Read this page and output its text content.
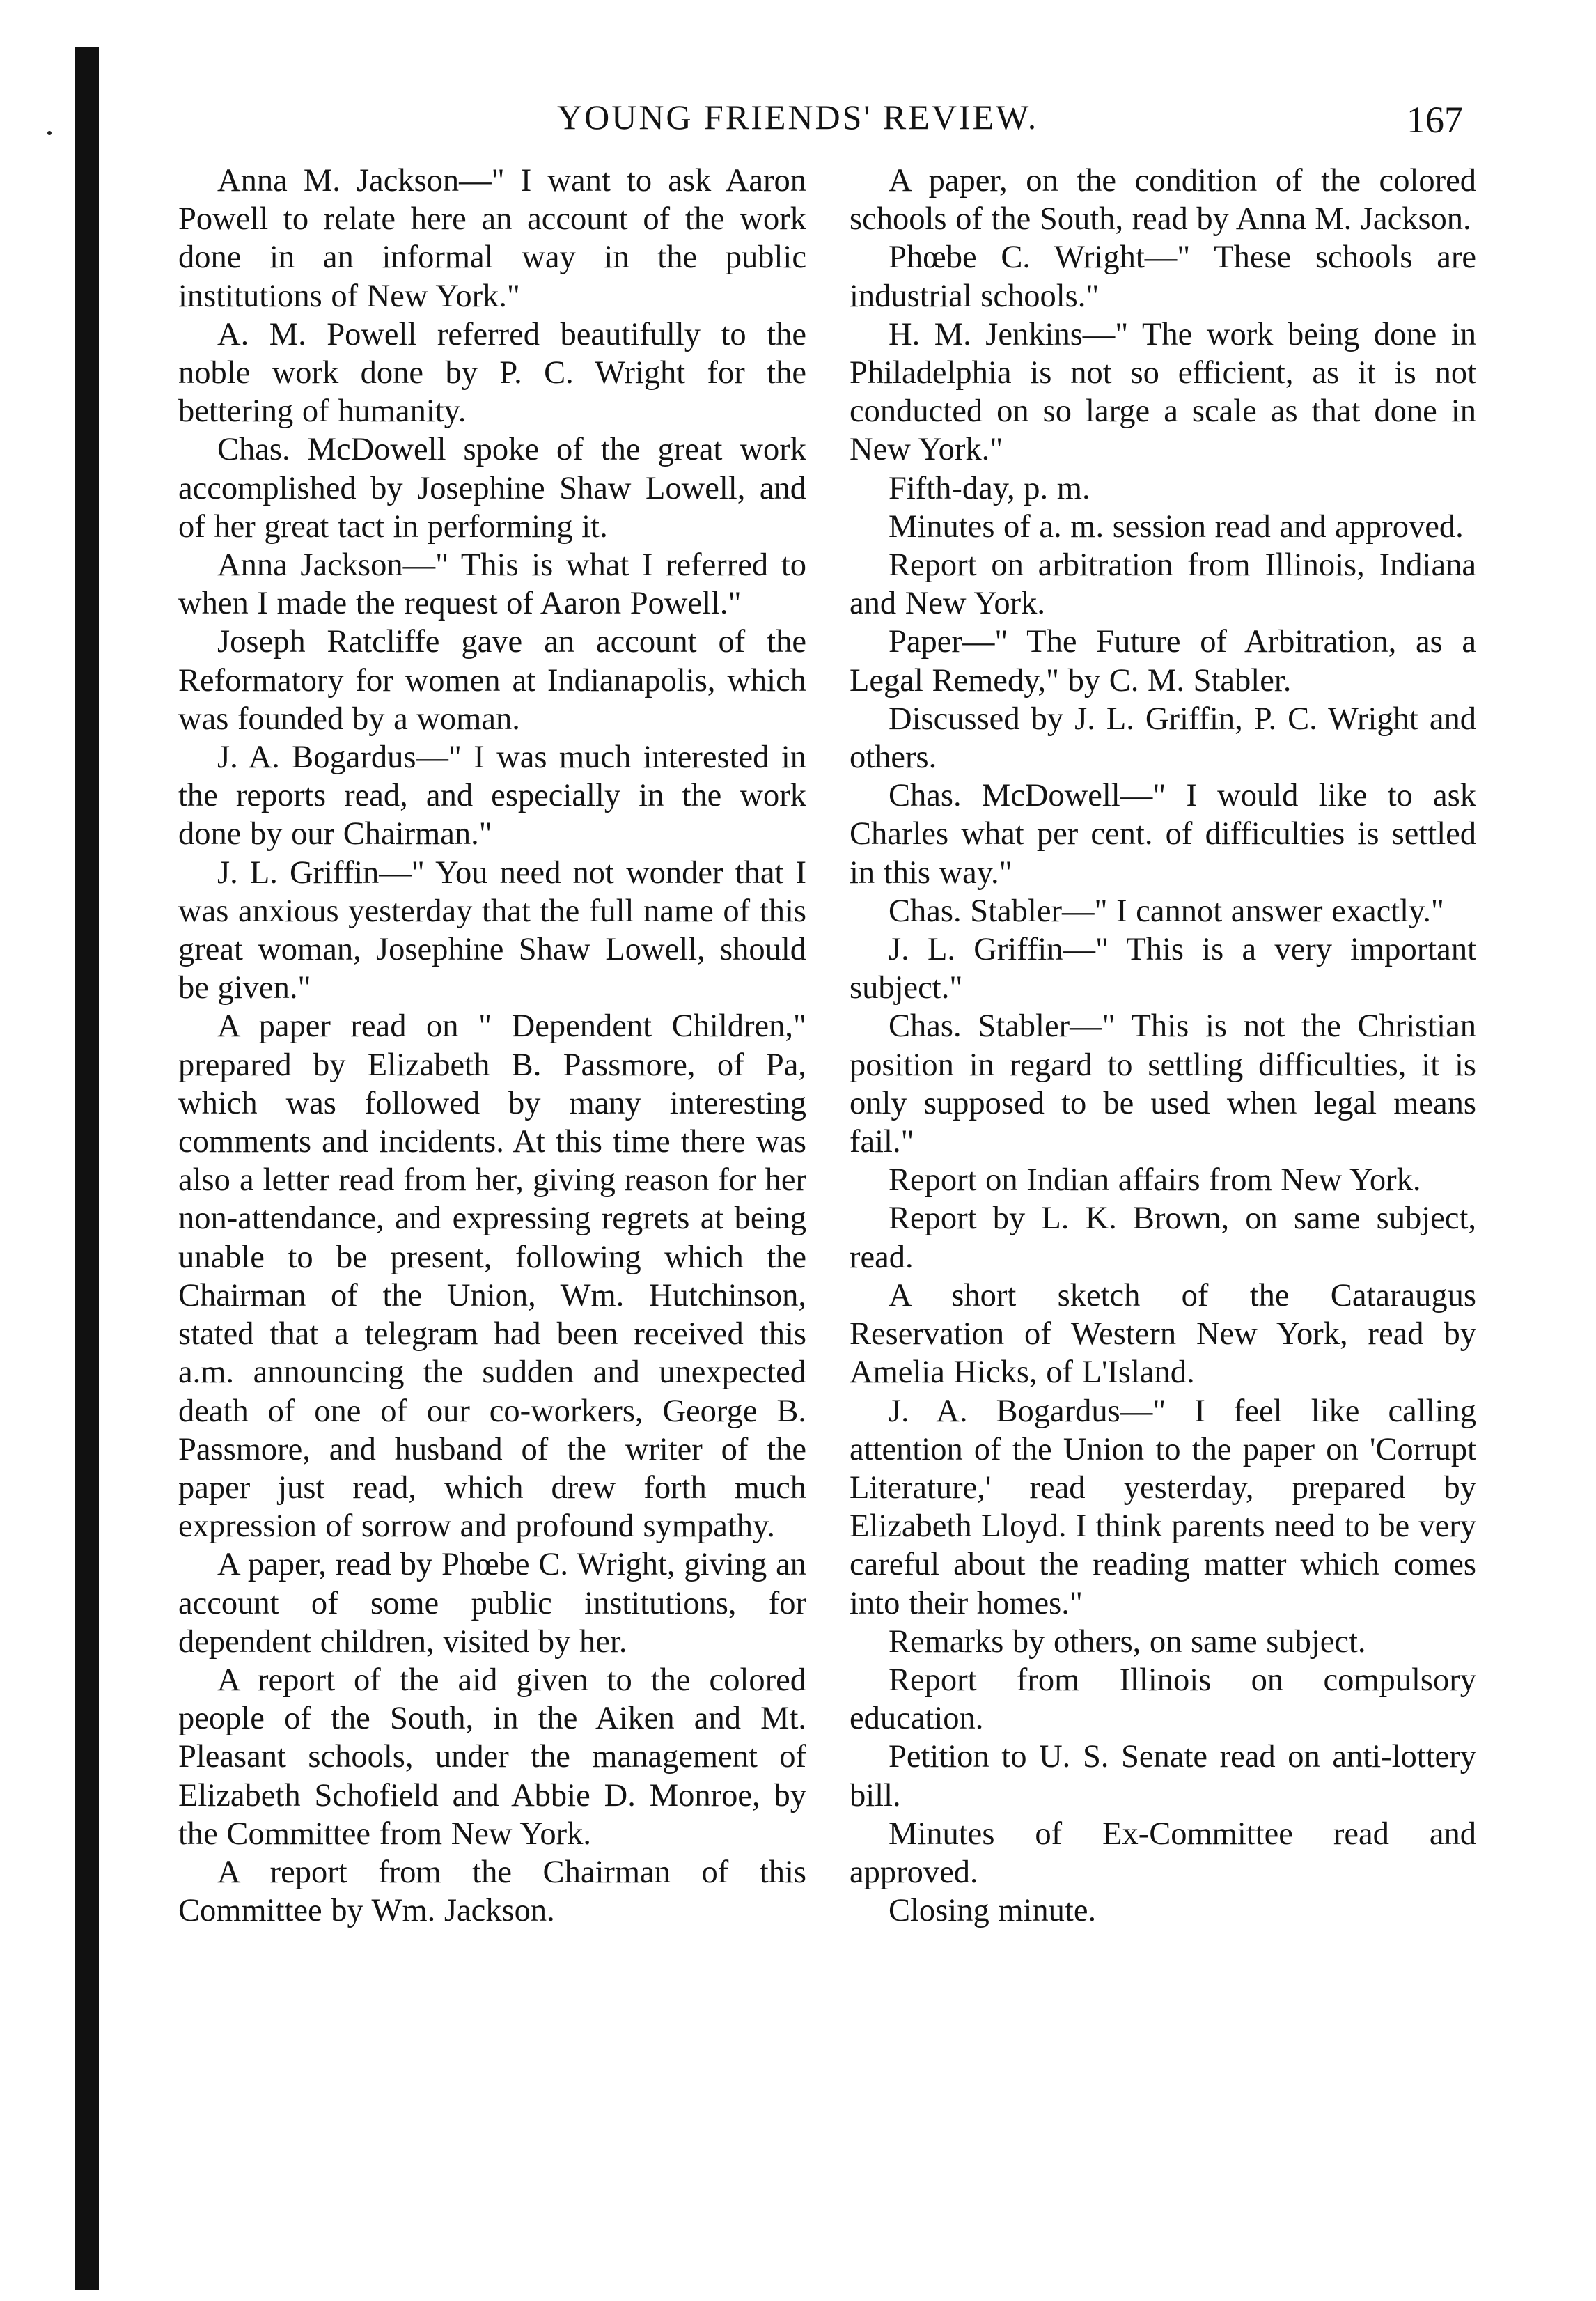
YOUNG FRIENDS' REVIEW.	167

Anna M. Jackson—" I want to ask Aaron Powell to relate here an account of the work done in an informal way in the public institutions of New York."

A. M. Powell referred beautifully to the noble work done by P. C. Wright for the bettering of humanity.

Chas. McDowell spoke of the great work accomplished by Josephine Shaw Lowell, and of her great tact in performing it.

Anna Jackson—" This is what I referred to when I made the request of Aaron Powell."

Joseph Ratcliffe gave an account of the Reformatory for women at Indianapolis, which was founded by a woman.

J. A. Bogardus—" I was much interested in the reports read, and especially in the work done by our Chairman."

J. L. Griffin—" You need not wonder that I was anxious yesterday that the full name of this great woman, Josephine Shaw Lowell, should be given."

A paper read on " Dependent Children," prepared by Elizabeth B. Passmore, of Pa, which was followed by many interesting comments and incidents. At this time there was also a letter read from her, giving reason for her non-attendance, and expressing regrets at being unable to be present, following which the Chairman of the Union, Wm. Hutchinson, stated that a telegram had been received this a.m. announcing the sudden and unexpected death of one of our co-workers, George B. Passmore, and husband of the writer of the paper just read, which drew forth much expression of sorrow and profound sympathy.

A paper, read by Phœbe C. Wright, giving an account of some public institutions, for dependent children, visited by her.

A report of the aid given to the colored people of the South, in the Aiken and Mt. Pleasant schools, under the management of Elizabeth Schofield and Abbie D. Monroe, by the Committee from New York.

A report from the Chairman of this Committee by Wm. Jackson.

A paper, on the condition of the colored schools of the South, read by Anna M. Jackson.

Phœbe C. Wright—" These schools are industrial schools."

H. M. Jenkins—" The work being done in Philadelphia is not so efficient, as it is not conducted on so large a scale as that done in New York."

Fifth-day, p. m.

Minutes of a. m. session read and approved.

Report on arbitration from Illinois, Indiana and New York.

Paper—" The Future of Arbitration, as a Legal Remedy," by C. M. Stabler.

Discussed by J. L. Griffin, P. C. Wright and others.

Chas. McDowell—" I would like to ask Charles what per cent. of difficulties is settled in this way."

Chas. Stabler—" I cannot answer exactly."

J. L. Griffin—" This is a very important subject."

Chas. Stabler—" This is not the Christian position in regard to settling difficulties, it is only supposed to be used when legal means fail."

Report on Indian affairs from New York.

Report by L. K. Brown, on same subject, read.

A short sketch of the Cataraugus Reservation of Western New York, read by Amelia Hicks, of L'Island.

J. A. Bogardus—" I feel like calling attention of the Union to the paper on 'Corrupt Literature,' read yesterday, prepared by Elizabeth Lloyd. I think parents need to be very careful about the reading matter which comes into their homes."

Remarks by others, on same subject.

Report from Illinois on compulsory education.

Petition to U. S. Senate read on anti-lottery bill.

Minutes of Ex-Committee read and approved.

Closing minute.
